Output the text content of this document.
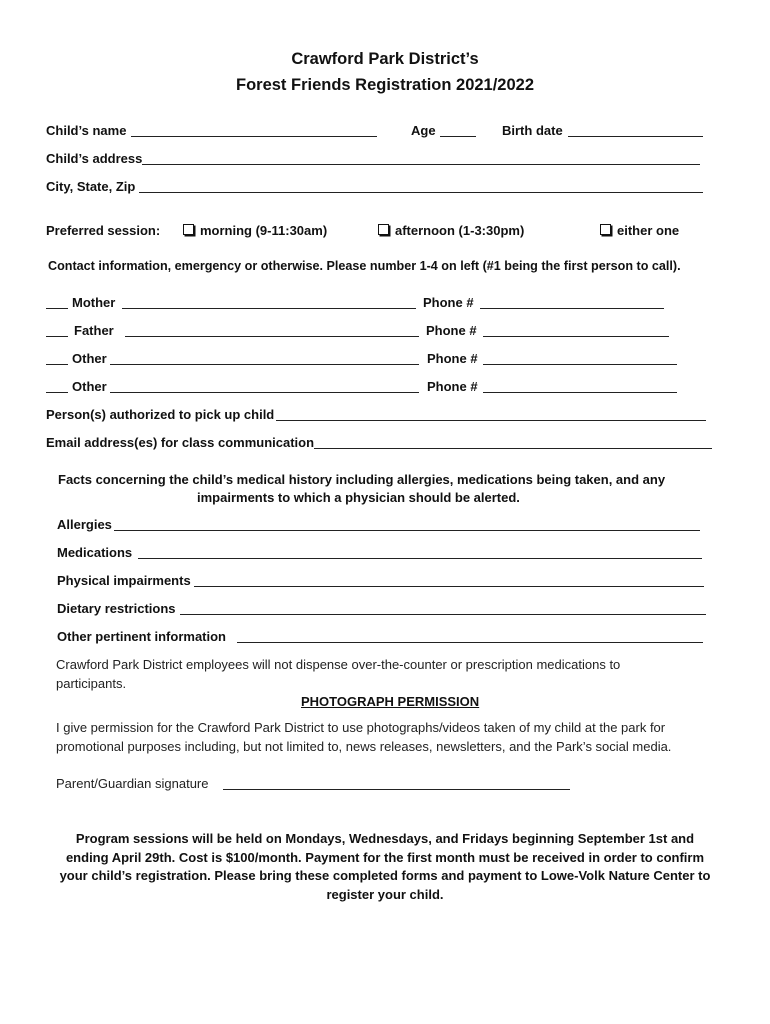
Crawford Park District’s
Forest Friends Registration 2021/2022
Child’s name	Age	Birth date
Child’s address
City, State, Zip
Preferred session:	morning (9-11:30am)	afternoon (1-3:30pm)	either one
Contact information, emergency or otherwise. Please number 1-4 on left (#1 being the first person to call).
Mother	Phone #
Father	Phone #
Other	Phone #
Other	Phone #
Person(s) authorized to pick up child
Email address(es) for class communication
Facts concerning the child’s medical history including allergies, medications being taken, and any
impairments to which a physician should be alerted.
Allergies
Medications
Physical impairments
Dietary restrictions
Other pertinent information
Crawford Park District employees will not dispense over-the-counter or prescription medications to
participants.
PHOTOGRAPH PERMISSION
I give permission for the Crawford Park District to use photographs/videos taken of my child at the park for
promotional purposes including, but not limited to, news releases, newsletters, and the Park’s social media.
Parent/Guardian signature
Program sessions will be held on Mondays, Wednesdays, and Fridays beginning September 1st and
ending April 29th. Cost is $100/month. Payment for the first month must be received in order to confirm
your child’s registration. Please bring these completed forms and payment to Lowe-Volk Nature Center to
register your child.
